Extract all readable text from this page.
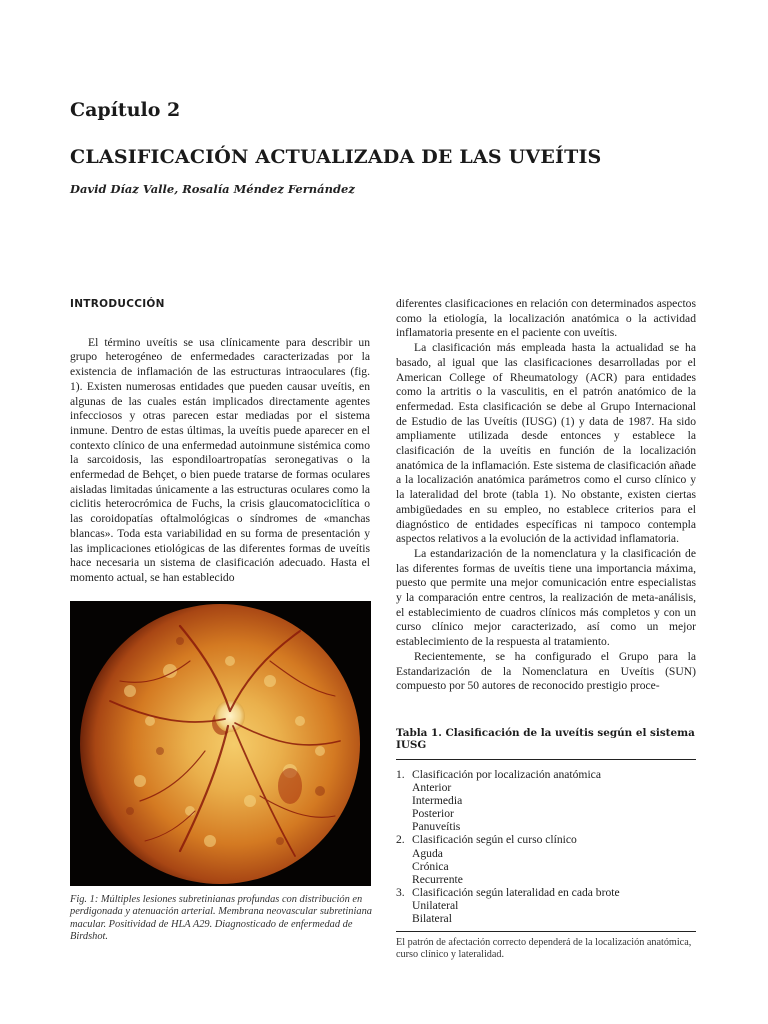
Capítulo 2
CLASIFICACIÓN ACTUALIZADA DE LAS UVEÍTIS

David Díaz Valle, Rosalía Méndez Fernández

INTRODUCCIÓN

El término uveítis se usa clínicamente para describir un grupo heterogéneo de enfermedades caracterizadas por la existencia de inflamación de las estructuras intraoculares (fig. 1). Existen numerosas entidades que pueden causar uveítis, en algunas de las cuales están implicados directamente agentes infecciosos y otras parecen estar mediadas por el sistema inmune. Dentro de estas últimas, la uveítis puede aparecer en el contexto clínico de una enfermedad autoinmune sistémica como la sarcoidosis, las espondiloartropatías seronegativas o la enfermedad de Behçet, o bien puede tratarse de formas oculares aisladas limitadas únicamente a las estructuras oculares como la ciclitis heterocrómica de Fuchs, la crisis glaucomatociclítica o las coroidopatías oftalmológicas o síndromes de «manchas blancas». Toda esta variabilidad en su forma de presentación y las implicaciones etiológicas de las diferentes formas de uveítis hace necesaria un sistema de clasificación adecuado. Hasta el momento actual, se han establecido

Fig. 1: Múltiples lesiones subretinianas profundas con distribución en perdigonada y atenuación arterial. Membrana neovascular subretiniana macular. Positividad de HLA A29. Diagnosticado de enfermedad de Birdshot.

diferentes clasificaciones en relación con determinados aspectos como la etiología, la localización anatómica o la actividad inflamatoria presente en el paciente con uveítis.

La clasificación más empleada hasta la actualidad se ha basado, al igual que las clasificaciones desarrolladas por el American College of Rheumatology (ACR) para entidades como la artritis o la vasculitis, en el patrón anatómico de la enfermedad. Esta clasificación se debe al Grupo Internacional de Estudio de las Uveítis (IUSG) (1) y data de 1987. Ha sido ampliamente utilizada desde entonces y establece la clasificación de la uveítis en función de la localización anatómica de la inflamación. Este sistema de clasificación añade a la localización anatómica parámetros como el curso clínico y la lateralidad del brote (tabla 1). No obstante, existen ciertas ambigüedades en su empleo, no establece criterios para el diagnóstico de entidades específicas ni tampoco contempla aspectos relativos a la evolución de la actividad inflamatoria.

La estandarización de la nomenclatura y la clasificación de las diferentes formas de uveítis tiene una importancia máxima, puesto que permite una mejor comunicación entre especialistas y la comparación entre centros, la realización de meta-análisis, el establecimiento de cuadros clínicos más completos y con un curso clínico mejor caracterizado, así como un mejor establecimiento de la respuesta al tratamiento.

Recientemente, se ha configurado el Grupo para la Estandarización de la Nomenclatura en Uveítis (SUN) compuesto por 50 autores de reconocido prestigio proce-

Tabla 1. Clasificación de la uveítis según el sistema IUSG

1. Clasificación por localización anatómica
Anterior
Intermedia
Posterior
Panuveítis
2. Clasificación según el curso clínico
Aguda
Crónica
Recurrente
3. Clasificación según lateralidad en cada brote
Unilateral
Bilateral

El patrón de afectación correcto dependerá de la localización anatómica, curso clínico y lateralidad.
